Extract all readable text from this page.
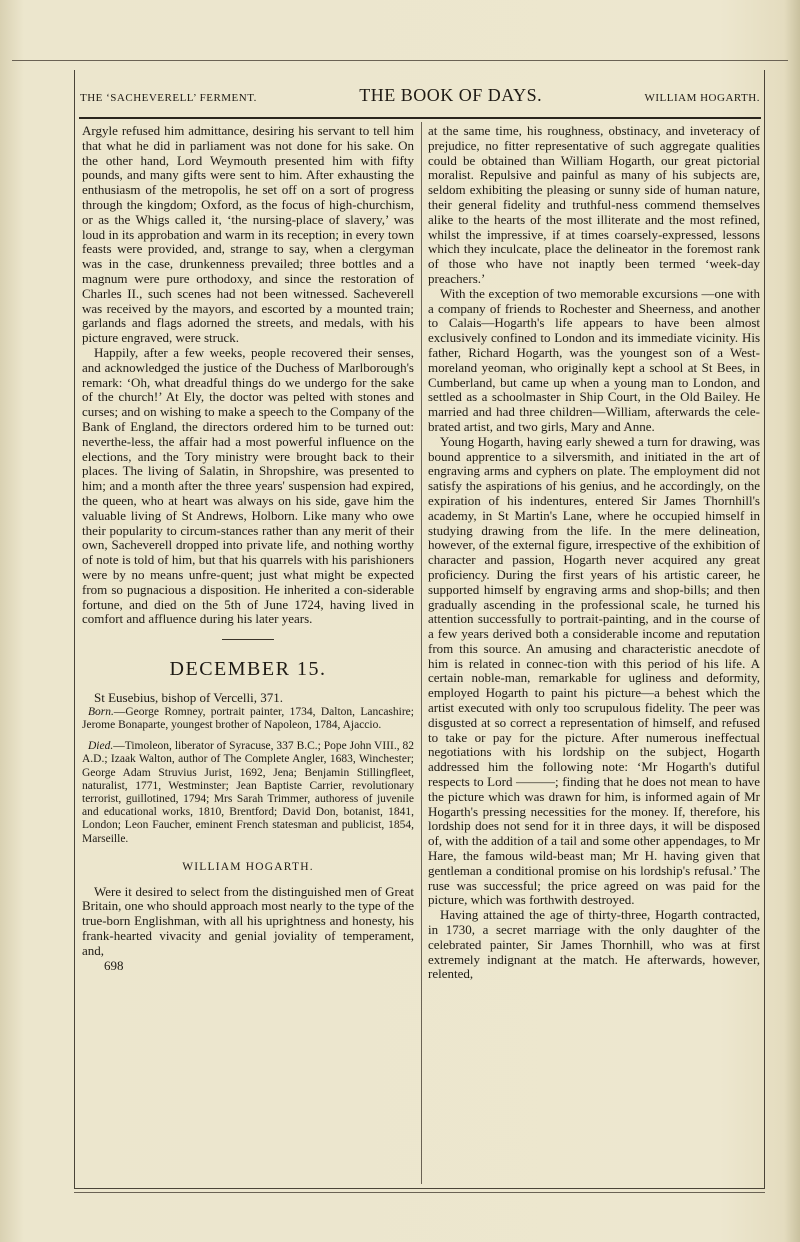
THE ‘SACHEVERELL’ FERMENT.	THE BOOK OF DAYS.	WILLIAM HOGARTH.

Argyle refused him admittance, desiring his servant to tell him that what he did in parliament was not done for his sake. On the other hand, Lord Weymouth presented him with fifty pounds, and many gifts were sent to him. After exhausting the enthusiasm of the metropolis, he set off on a sort of progress through the kingdom; Oxford, as the focus of high-churchism, or as the Whigs called it, ‘the nursing-place of slavery,’ was loud in its approbation and warm in its reception; in every town feasts were provided, and, strange to say, when a clergyman was in the case, drunkenness prevailed; three bottles and a magnum were pure orthodoxy, and since the restoration of Charles II., such scenes had not been witnessed. Sacheverell was received by the mayors, and escorted by a mounted train; garlands and flags adorned the streets, and medals, with his picture engraved, were struck.

Happily, after a few weeks, people recovered their senses, and acknowledged the justice of the Duchess of Marlborough's remark: ‘Oh, what dreadful things do we undergo for the sake of the church!’ At Ely, the doctor was pelted with stones and curses; and on wishing to make a speech to the Company of the Bank of England, the directors ordered him to be turned out: neverthe-less, the affair had a most powerful influence on the elections, and the Tory ministry were brought back to their places. The living of Salatin, in Shropshire, was presented to him; and a month after the three years' suspension had expired, the queen, who at heart was always on his side, gave him the valuable living of St Andrews, Holborn. Like many who owe their popularity to circum-stances rather than any merit of their own, Sacheverell dropped into private life, and nothing worthy of note is told of him, but that his quarrels with his parishioners were by no means unfre-quent; just what might be expected from so pugnacious a disposition. He inherited a con-siderable fortune, and died on the 5th of June 1724, having lived in comfort and affluence during his later years.

DECEMBER 15.

St Eusebius, bishop of Vercelli, 371.

Born.—George Romney, portrait painter, 1734, Dalton, Lancashire; Jerome Bonaparte, youngest brother of Napoleon, 1784, Ajaccio.

Died.—Timoleon, liberator of Syracuse, 337 B.C.; Pope John VIII., 82 A.D.; Izaak Walton, author of The Complete Angler, 1683, Winchester; George Adam Struvius Jurist, 1692, Jena; Benjamin Stillingfleet, naturalist, 1771, Westminster; Jean Baptiste Carrier, revolutionary terrorist, guillotined, 1794; Mrs Sarah Trimmer, authoress of juvenile and educational works, 1810, Brentford; David Don, botanist, 1841, London; Leon Faucher, eminent French statesman and publicist, 1854, Marseille.

WILLIAM HOGARTH.

Were it desired to select from the distinguished men of Great Britain, one who should approach most nearly to the type of the true-born Englishman, with all his uprightness and honesty, his frank-hearted vivacity and genial joviality of temperament, and,

698

at the same time, his roughness, obstinacy, and inveteracy of prejudice, no fitter representative of such aggregate qualities could be obtained than William Hogarth, our great pictorial moralist. Repulsive and painful as many of his subjects are, seldom exhibiting the pleasing or sunny side of human nature, their general fidelity and truthful-ness commend themselves alike to the hearts of the most illiterate and the most refined, whilst the impressive, if at times coarsely-expressed, lessons which they inculcate, place the delineator in the foremost rank of those who have not inaptly been termed ‘week-day preachers.’

With the exception of two memorable excursions —one with a company of friends to Rochester and Sheerness, and another to Calais—Hogarth's life appears to have been almost exclusively confined to London and its immediate vicinity. His father, Richard Hogarth, was the youngest son of a West-moreland yeoman, who originally kept a school at St Bees, in Cumberland, but came up when a young man to London, and settled as a schoolmaster in Ship Court, in the Old Bailey. He married and had three children—William, afterwards the cele-brated artist, and two girls, Mary and Anne.

Young Hogarth, having early shewed a turn for drawing, was bound apprentice to a silversmith, and initiated in the art of engraving arms and cyphers on plate. The employment did not satisfy the aspirations of his genius, and he accordingly, on the expiration of his indentures, entered Sir James Thornhill's academy, in St Martin's Lane, where he occupied himself in studying drawing from the life. In the mere delineation, however, of the external figure, irrespective of the exhibition of character and passion, Hogarth never acquired any great proficiency. During the first years of his artistic career, he supported himself by engraving arms and shop-bills; and then gradually ascending in the professional scale, he turned his attention successfully to portrait-painting, and in the course of a few years derived both a considerable income and reputation from this source. An amusing and characteristic anecdote of him is related in connec-tion with this period of his life. A certain noble-man, remarkable for ugliness and deformity, employed Hogarth to paint his picture—a behest which the artist executed with only too scrupulous fidelity. The peer was disgusted at so correct a representation of himself, and refused to take or pay for the picture. After numerous ineffectual negotiations with his lordship on the subject, Hogarth addressed him the following note: ‘Mr Hogarth's dutiful respects to Lord ———; finding that he does not mean to have the picture which was drawn for him, is informed again of Mr Hogarth's pressing necessities for the money. If, therefore, his lordship does not send for it in three days, it will be disposed of, with the addition of a tail and some other appendages, to Mr Hare, the famous wild-beast man; Mr H. having given that gentleman a conditional promise on his lordship's refusal.’ The ruse was successful; the price agreed on was paid for the picture, which was forthwith destroyed.

Having attained the age of thirty-three, Hogarth contracted, in 1730, a secret marriage with the only daughter of the celebrated painter, Sir James Thornhill, who was at first extremely indignant at the match. He afterwards, however, relented,
